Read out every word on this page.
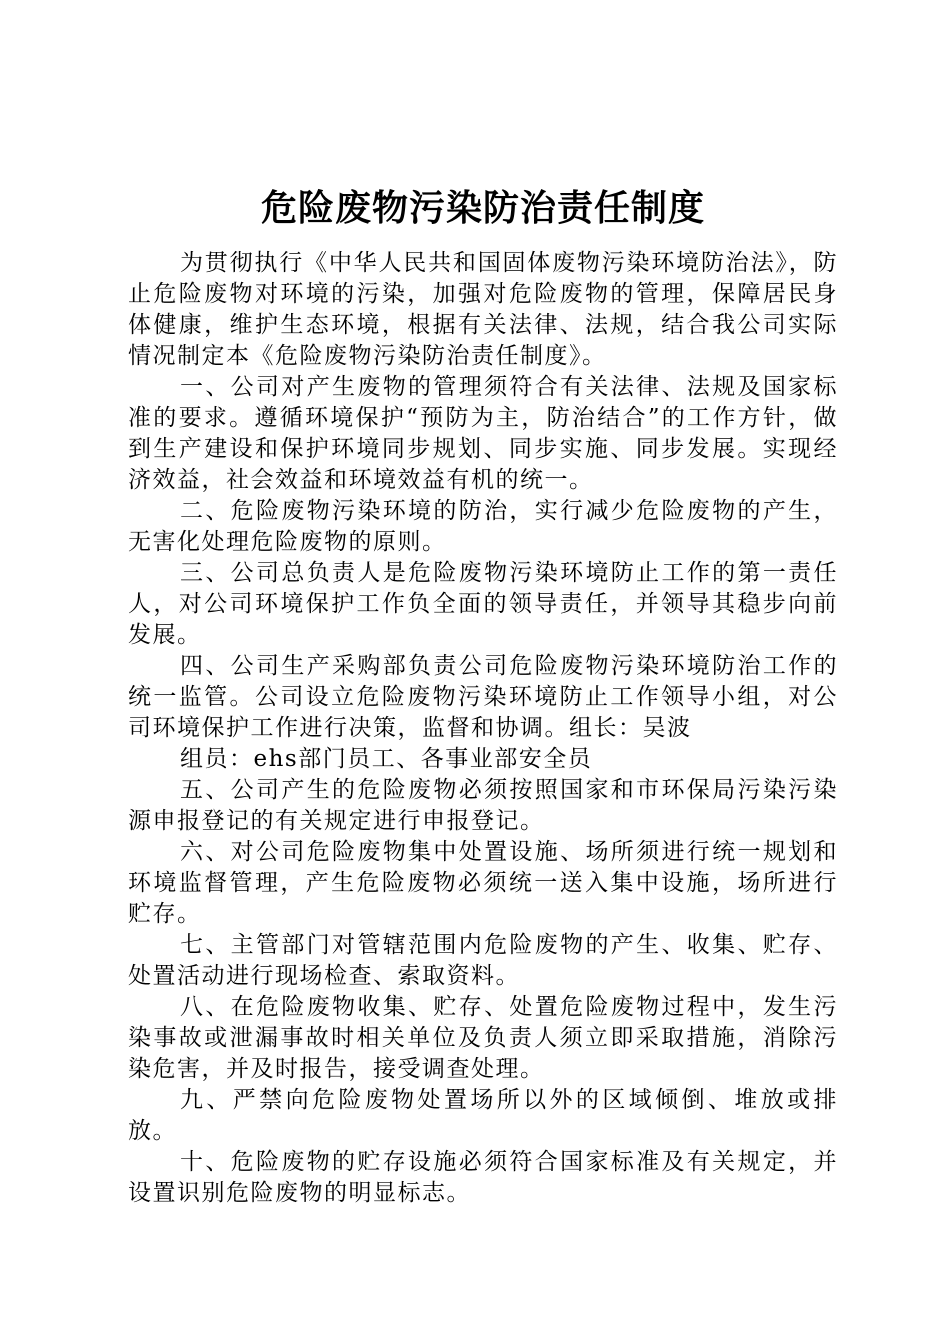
危险废物污染防治责任制度

为贯彻执行《中华人民共和国固体废物污染环境防治法》，防止危险废物对环境的污染，加强对危险废物的管理，保障居民身体健康，维护生态环境，根据有关法律、法规，结合我公司实际情况制定本《危险废物污染防治责任制度》。

一、公司对产生废物的管理须符合有关法律、法规及国家标准的要求。遵循环境保护“预防为主，防治结合”的工作方针，做到生产建设和保护环境同步规划、同步实施、同步发展。实现经济效益，社会效益和环境效益有机的统一。

二、危险废物污染环境的防治，实行减少危险废物的产生，无害化处理危险废物的原则。

三、公司总负责人是危险废物污染环境防止工作的第一责任人，对公司环境保护工作负全面的领导责任，并领导其稳步向前发展。

四、公司生产采购部负责公司危险废物污染环境防治工作的统一监管。公司设立危险废物污染环境防止工作领导小组，对公司环境保护工作进行决策，监督和协调。组长：吴波

组员：ehs部门员工、各事业部安全员

五、公司产生的危险废物必须按照国家和市环保局污染污染源申报登记的有关规定进行申报登记。

六、对公司危险废物集中处置设施、场所须进行统一规划和环境监督管理，产生危险废物必须统一送入集中设施，场所进行贮存。

七、主管部门对管辖范围内危险废物的产生、收集、贮存、处置活动进行现场检查、索取资料。

八、在危险废物收集、贮存、处置危险废物过程中，发生污染事故或泄漏事故时相关单位及负责人须立即采取措施，消除污染危害，并及时报告，接受调查处理。

九、严禁向危险废物处置场所以外的区域倾倒、堆放或排放。

十、危险废物的贮存设施必须符合国家标准及有关规定，并设置识别危险废物的明显标志。
